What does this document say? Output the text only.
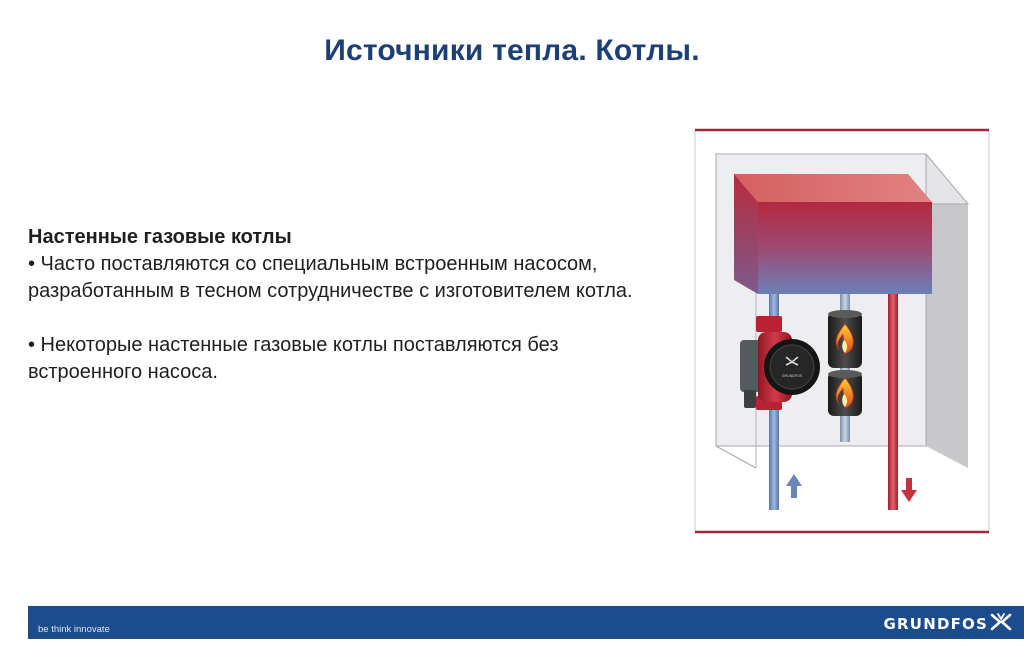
Источники тепла. Котлы.

Настенные газовые котлы

• Часто поставляются со специальным встроенным насосом, разработанным в тесном сотрудничестве с изготовителем котла.

• Некоторые настенные газовые котлы поставляются без встроенного насоса.	GRUNDFOS
be think innovate	GRUNDFOS
